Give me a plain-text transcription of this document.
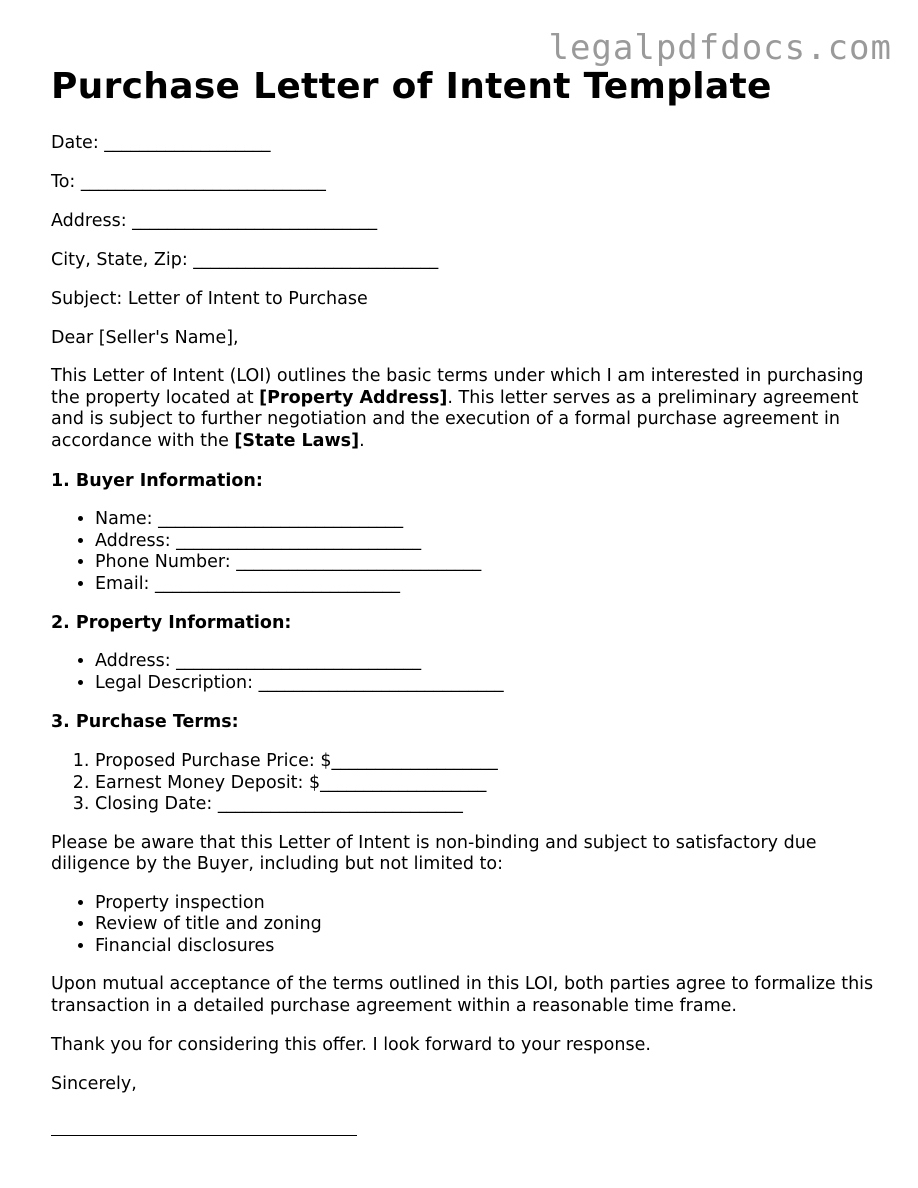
legalpdfdocs.com
Purchase Letter of Intent Template

Date: ___________________

To: ____________________________

Address: ____________________________

City, State, Zip: ____________________________

Subject: Letter of Intent to Purchase

Dear [Seller's Name],

This Letter of Intent (LOI) outlines the basic terms under which I am interested in purchasing the property located at [Property Address]. This letter serves as a preliminary agreement and is subject to further negotiation and the execution of a formal purchase agreement in accordance with the [State Laws].

1. Buyer Information:

• Name: ____________________________
• Address: ____________________________
• Phone Number: ____________________________
• Email: ____________________________

2. Property Information:

• Address: ____________________________
• Legal Description: ____________________________

3. Purchase Terms:

1. Proposed Purchase Price: $___________________
2. Earnest Money Deposit: $___________________
3. Closing Date: ____________________________

Please be aware that this Letter of Intent is non-binding and subject to satisfactory due diligence by the Buyer, including but not limited to:

• Property inspection
• Review of title and zoning
• Financial disclosures

Upon mutual acceptance of the terms outlined in this LOI, both parties agree to formalize this transaction in a detailed purchase agreement within a reasonable time frame.

Thank you for considering this offer. I look forward to your response.

Sincerely,
